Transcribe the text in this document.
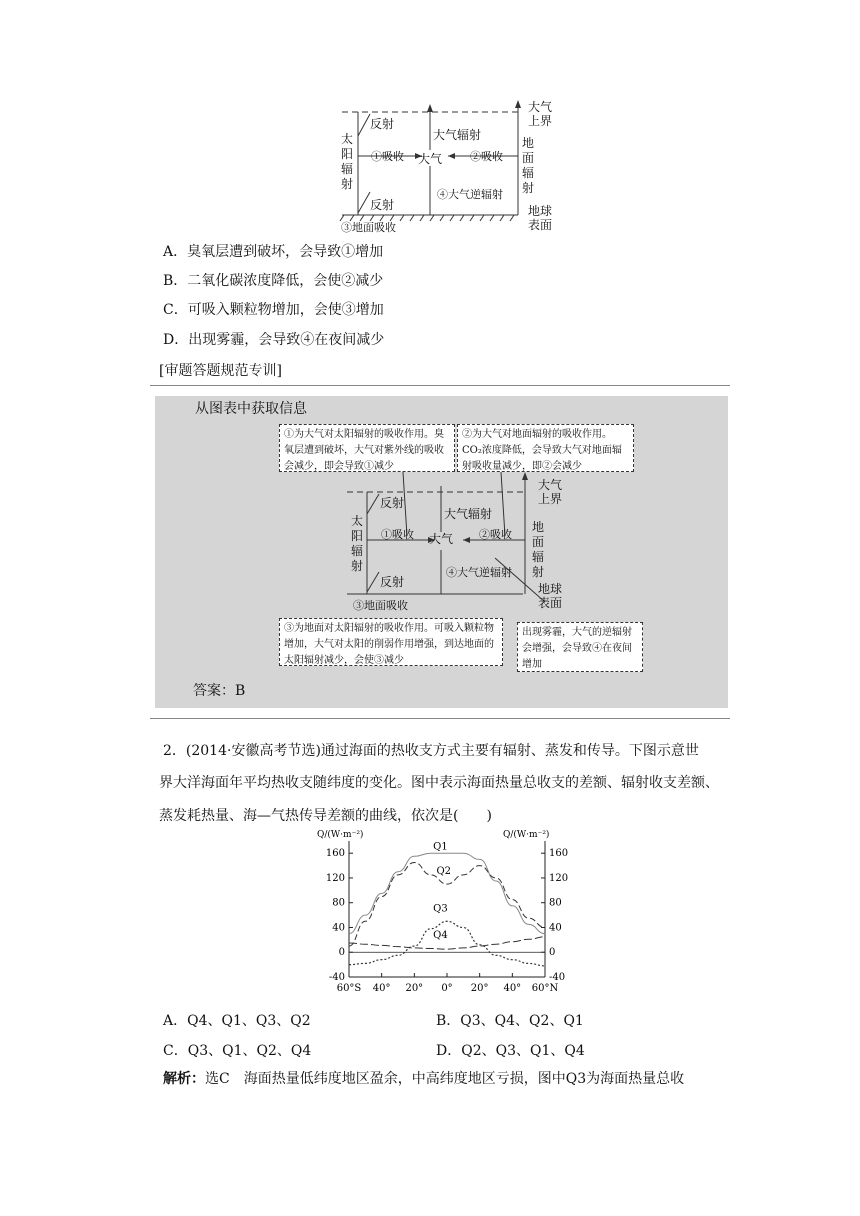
反射
大气辐射
太
阳
辐
射
①吸收 大气	②吸收
地
面
辐
射
大气
上界
反射
④大气逆辐射
③地面吸收
地球
表面
A．臭氧层遭到破坏，会导致①增加
B．二氧化碳浓度降低，会使②减少
C．可吸入颗粒物增加，会使③增加
D．出现雾霾，会导致④在夜间减少
[审题答题规范专训]
从图表中获取信息
①为大气对太阳辐射的吸收作用。臭氧层遭到破坏，大气对紫外线的吸收会减少，即会导致①减少
②为大气对地面辐射的吸收作用。CO₂浓度降低，会导致大气对地面辐射吸收量减少，即②会减少
反射
大气辐射
太
阳
辐
射
①吸收 大气 ②吸收
地
面
辐
射
大气
上界
反射
④大气逆辐射
③地面吸收
地球
表面
③为地面对太阳辐射的吸收作用。可吸入颗粒物增加，大气对太阳的削弱作用增强，到达地面的太阳辐射减少，会使③减少
出现雾霾，大气的逆辐射会增强，会导致④在夜间增加
答案：B
2．(2014·安徽高考节选)通过海面的热收支方式主要有辐射、蒸发和传导。下图示意世
界大洋海面年平均热收支随纬度的变化。图中表示海面热量总收支的差额、辐射收支差额、
蒸发耗热量、海—气热传导差额的曲线，依次是(　　)
Q/(W·m⁻²)	Q/(W·m⁻²)
-40	-40
0	0
40	40
80	80
120	120
160	160
60°S 40° 20° 0° 20° 40° 60°N
Q1
Q2
Q3
Q4
A．Q4、Q1、Q3、Q2	B．Q3、Q4、Q2、Q1
C．Q3、Q1、Q2、Q4	D．Q2、Q3、Q1、Q4
解析：选C　海面热量低纬度地区盈余，中高纬度地区亏损，图中Q3为海面热量总收
